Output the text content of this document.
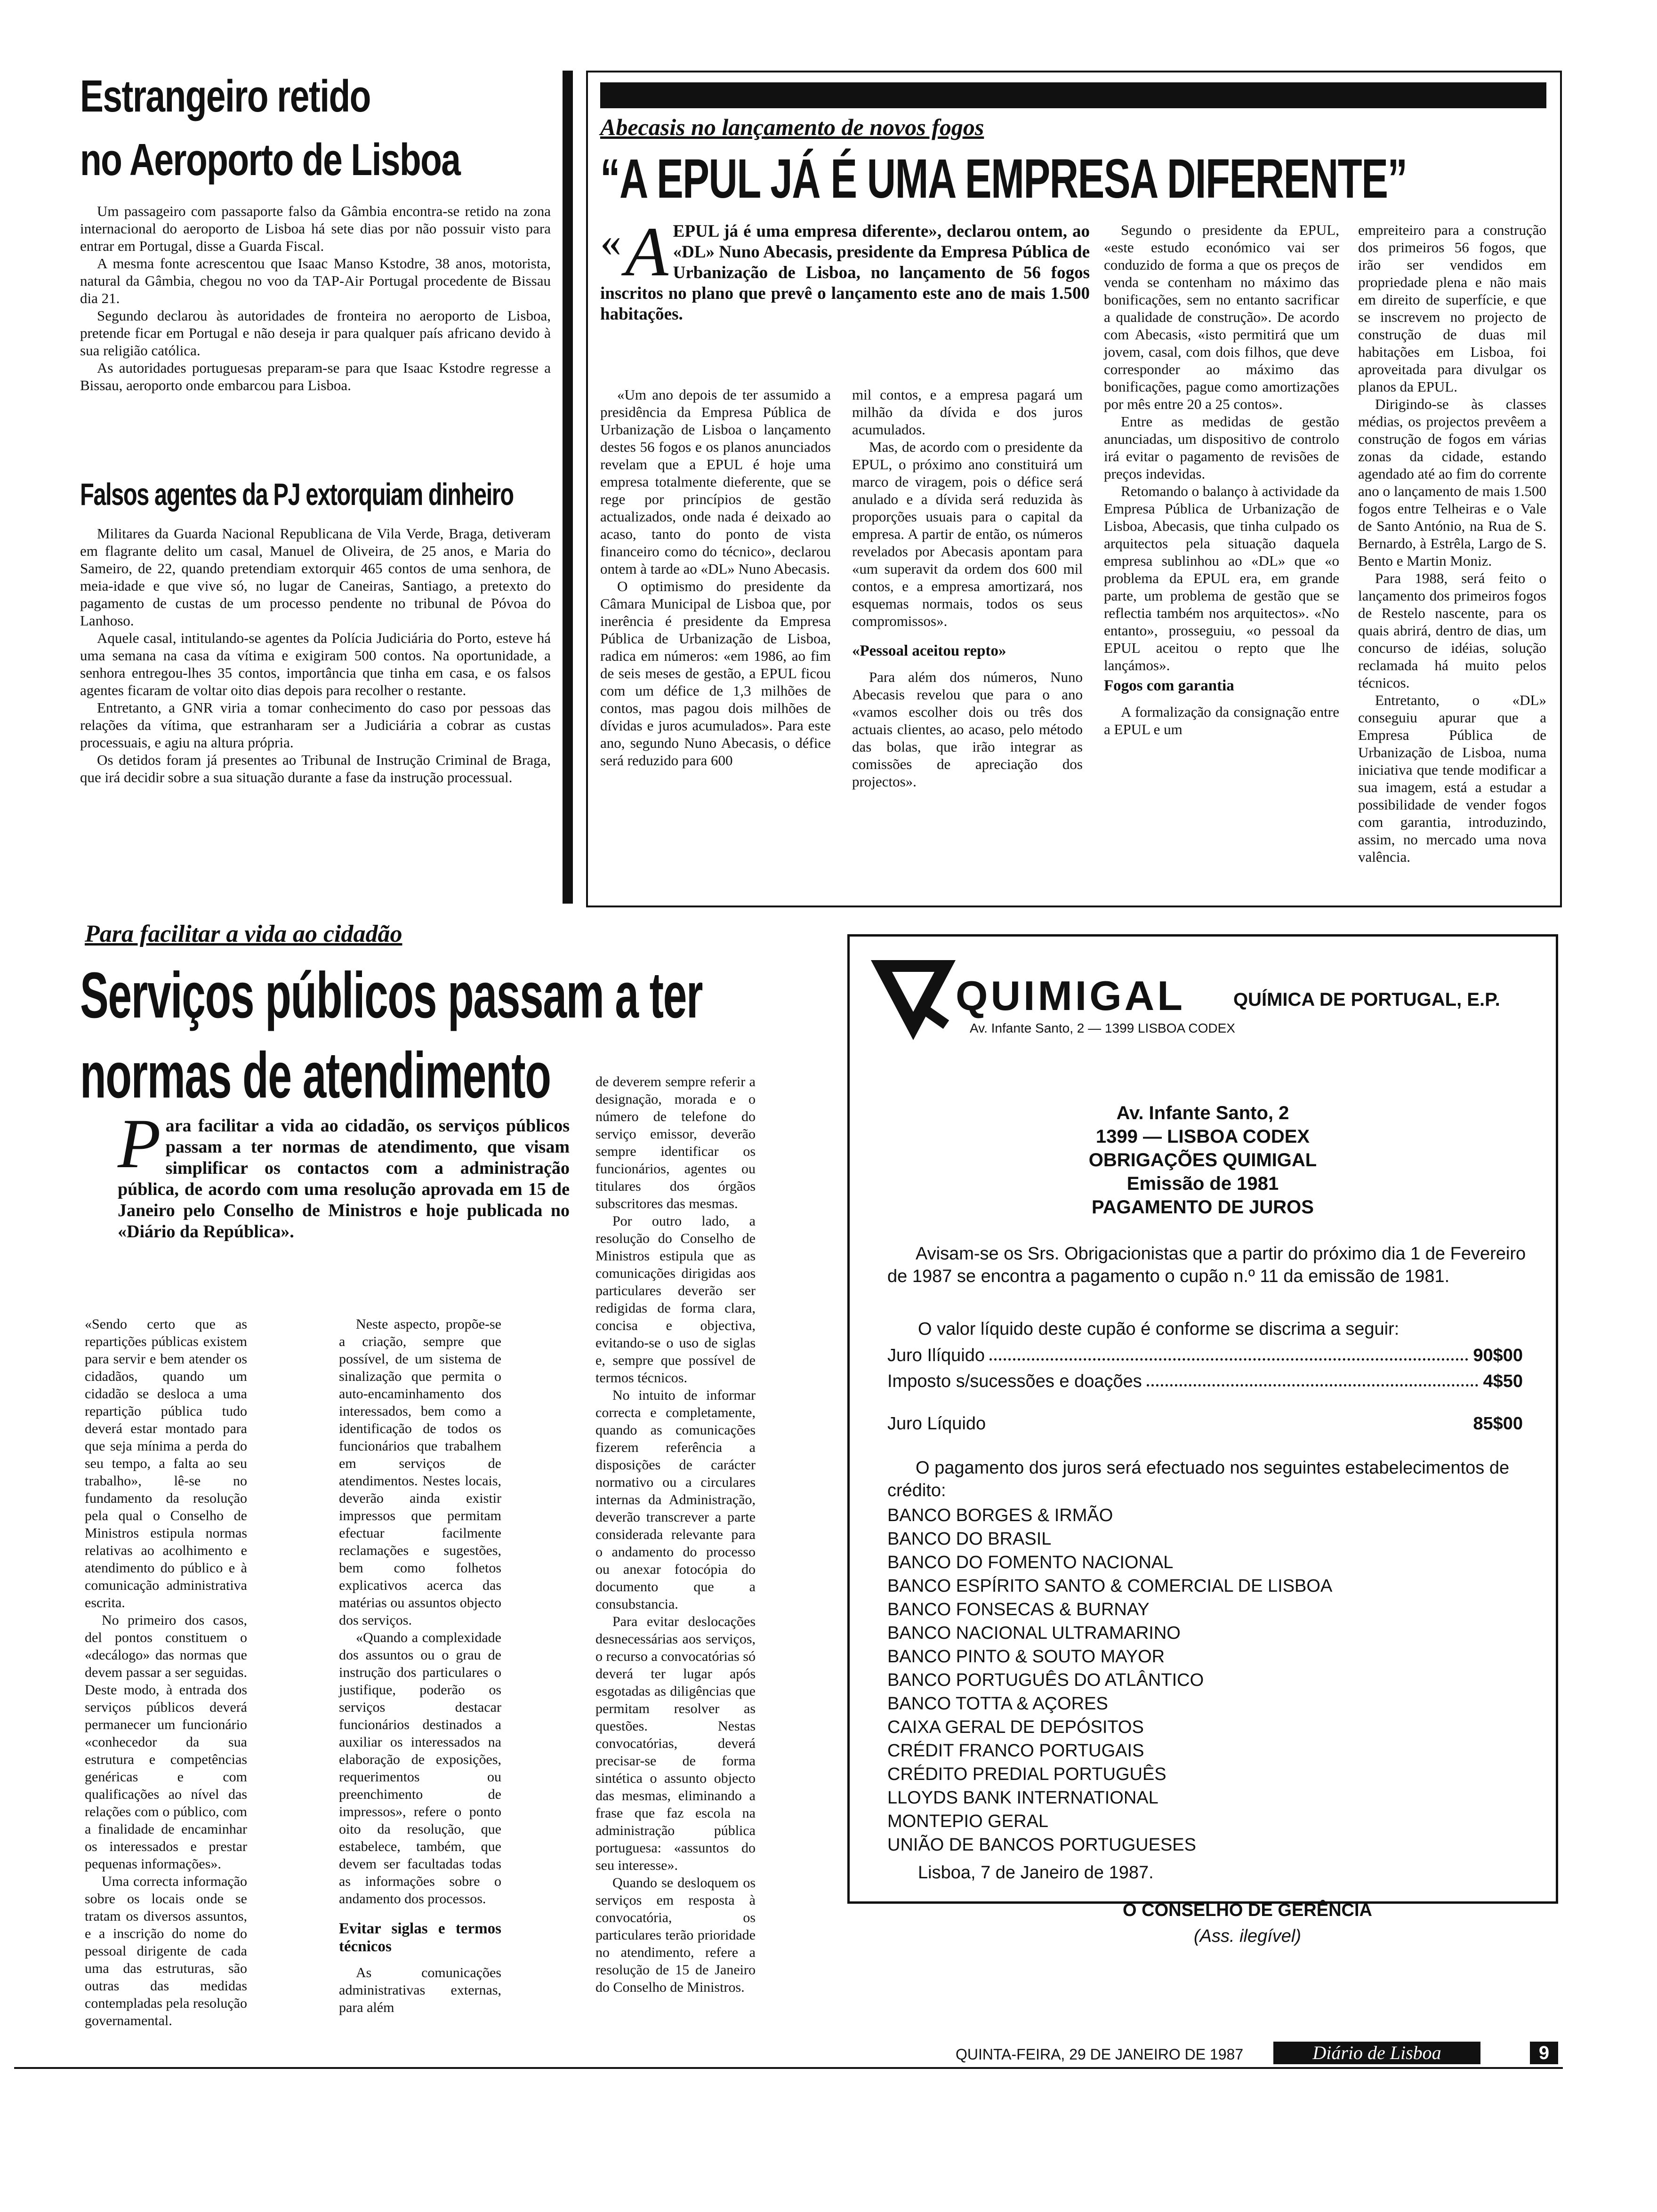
Estrangeiro retido
no Aeroporto de Lisboa

Um passageiro com passaporte falso da Gâmbia encontra-se retido na zona internacional do aeroporto de Lisboa há sete dias por não possuir visto para entrar em Portugal, disse a Guarda Fiscal.

A mesma fonte acrescentou que Isaac Manso Kstodre, 38 anos, motorista, natural da Gâmbia, chegou no voo da TAP-Air Portugal procedente de Bissau dia 21.

Segundo declarou às autoridades de fronteira no aeroporto de Lisboa, pretende ficar em Portugal e não deseja ir para qualquer país africano devido à sua religião católica.

As autoridades portuguesas preparam-se para que Isaac Kstodre regresse a Bissau, aeroporto onde embarcou para Lisboa.

Falsos agentes da PJ extorquiam dinheiro

Militares da Guarda Nacional Republicana de Vila Verde, Braga, detiveram em flagrante delito um casal, Manuel de Oliveira, de 25 anos, e Maria do Sameiro, de 22, quando pretendiam extorquir 465 contos de uma senhora, de meia-idade e que vive só, no lugar de Caneiras, Santiago, a pretexto do pagamento de custas de um processo pendente no tribunal de Póvoa do Lanhoso.

Aquele casal, intitulando-se agentes da Polícia Judiciária do Porto, esteve há uma semana na casa da vítima e exigiram 500 contos. Na oportunidade, a senhora entregou-lhes 35 contos, importância que tinha em casa, e os falsos agentes ficaram de voltar oito dias depois para recolher o restante.

Entretanto, a GNR viria a tomar conhecimento do caso por pessoas das relações da vítima, que estranharam ser a Judiciária a cobrar as custas processuais, e agiu na altura própria.

Os detidos foram já presentes ao Tribunal de Instrução Criminal de Braga, que irá decidir sobre a sua situação durante a fase da instrução processual.

Abecasis no lançamento de novos fogos
“A EPUL JÁ É UMA EMPRESA DIFERENTE”
« A EPUL já é uma empresa diferente», declarou ontem, ao «DL» Nuno Abecasis, presidente da Empresa Pública de Urbanização de Lisboa, no lançamento de 56 fogos inscritos no plano que prevê o lançamento este ano de mais 1.500 habitações.

«Um ano depois de ter assumido a presidência da Empresa Pública de Urbanização de Lisboa o lançamento destes 56 fogos e os planos anunciados revelam que a EPUL é hoje uma empresa totalmente dieferente, que se rege por princípios de gestão actualizados, onde nada é deixado ao acaso, tanto do ponto de vista financeiro como do técnico», declarou ontem à tarde ao «DL» Nuno Abecasis.

O optimismo do presidente da Câmara Municipal de Lisboa que, por inerência é presidente da Empresa Pública de Urbanização de Lisboa, radica em números: «em 1986, ao fim de seis meses de gestão, a EPUL ficou com um défice de 1,3 milhões de contos, mas pagou dois milhões de dívidas e juros acumulados». Para este ano, segundo Nuno Abecasis, o défice será reduzido para 600

mil contos, e a empresa pagará um milhão da dívida e dos juros acumulados.

Mas, de acordo com o presidente da EPUL, o próximo ano constituirá um marco de viragem, pois o défice será anulado e a dívida será reduzida às proporções usuais para o capital da empresa. A partir de então, os números revelados por Abecasis apontam para «um superavit da ordem dos 600 mil contos, e a empresa amortizará, nos esquemas normais, todos os seus compromissos».

«Pessoal aceitou repto»

Para além dos números, Nuno Abecasis revelou que para o ano «vamos escolher dois ou três dos actuais clientes, ao acaso, pelo método das bolas, que irão integrar as comissões de apreciação dos projectos».

Segundo o presidente da EPUL, «este estudo económico vai ser conduzido de forma a que os preços de venda se contenham no máximo das bonificações, sem no entanto sacrificar a qualidade de construção». De acordo com Abecasis, «isto permitirá que um jovem, casal, com dois filhos, que deve corresponder ao máximo das bonificações, pague como amortizações por mês entre 20 a 25 contos».

Entre as medidas de gestão anunciadas, um dispositivo de controlo irá evitar o pagamento de revisões de preços indevidas.

Retomando o balanço à actividade da Empresa Pública de Urbanização de Lisboa, Abecasis, que tinha culpado os arquitectos pela situação daquela empresa sublinhou ao «DL» que «o problema da EPUL era, em grande parte, um problema de gestão que se reflectia também nos arquitectos». «No entanto», prosseguiu, «o pessoal da EPUL aceitou o repto que lhe lançámos».

Fogos com garantia

A formalização da consignação entre a EPUL e um

empreiteiro para a construção dos primeiros 56 fogos, que irão ser vendidos em propriedade plena e não mais em direito de superfície, e que se inscrevem no projecto de construção de duas mil habitações em Lisboa, foi aproveitada para divulgar os planos da EPUL.

Dirigindo-se às classes médias, os projectos prevêem a construção de fogos em várias zonas da cidade, estando agendado até ao fim do corrente ano o lançamento de mais 1.500 fogos entre Telheiras e o Vale de Santo António, na Rua de S. Bernardo, à Estrêla, Largo de S. Bento e Martin Moniz.

Para 1988, será feito o lançamento dos primeiros fogos de Restelo nascente, para os quais abrirá, dentro de dias, um concurso de idéias, solução reclamada há muito pelos técnicos.

Entretanto, o «DL» conseguiu apurar que a Empresa Pública de Urbanização de Lisboa, numa iniciativa que tende modificar a sua imagem, está a estudar a possibilidade de vender fogos com garantia, introduzindo, assim, no mercado uma nova valência.

Para facilitar a vida ao cidadão
Serviços públicos passam a ter
normas de atendimento
P ara facilitar a vida ao cidadão, os serviços públicos passam a ter normas de atendimento, que visam simplificar os contactos com a administração pública, de acordo com uma resolução aprovada em 15 de Janeiro pelo Conselho de Ministros e hoje publicada no «Diário da República».

«Sendo certo que as repartições públicas existem para servir e bem atender os cidadãos, quando um cidadão se desloca a uma repartição pública tudo deverá estar montado para que seja mínima a perda do seu tempo, a falta ao seu trabalho», lê-se no fundamento da resolução pela qual o Conselho de Ministros estipula normas relativas ao acolhimento e atendimento do público e à comunicação administrativa escrita.

No primeiro dos casos, del pontos constituem o «decálogo» das normas que devem passar a ser seguidas. Deste modo, à entrada dos serviços públicos deverá permanecer um funcionário «conhecedor da sua estrutura e competências genéricas e com qualificações ao nível das relações com o público, com a finalidade de encaminhar os interessados e prestar pequenas informações».

Uma correcta informação sobre os locais onde se tratam os diversos assuntos, e a inscrição do nome do pessoal dirigente de cada uma das estruturas, são outras das medidas contempladas pela resolução governamental.

Neste aspecto, propõe-se a criação, sempre que possível, de um sistema de sinalização que permita o auto-encaminhamento dos interessados, bem como a identificação de todos os funcionários que trabalhem em serviços de atendimentos. Nestes locais, deverão ainda existir impressos que permitam efectuar facilmente reclamações e sugestões, bem como folhetos explicativos acerca das matérias ou assuntos objecto dos serviços.

«Quando a complexidade dos assuntos ou o grau de instrução dos particulares o justifique, poderão os serviços destacar funcionários destinados a auxiliar os interessados na elaboração de exposições, requerimentos ou preenchimento de impressos», refere o ponto oito da resolução, que estabelece, também, que devem ser facultadas todas as informações sobre o andamento dos processos.

Evitar siglas e termos técnicos

As comunicações administrativas externas, para além

de deverem sempre referir a designação, morada e o número de telefone do serviço emissor, deverão sempre identificar os funcionários, agentes ou titulares dos órgãos subscritores das mesmas.

Por outro lado, a resolução do Conselho de Ministros estipula que as comunicações dirigidas aos particulares deverão ser redigidas de forma clara, concisa e objectiva, evitando-se o uso de siglas e, sempre que possível de termos técnicos.

No intuito de informar correcta e completamente, quando as comunicações fizerem referência a disposições de carácter normativo ou a circulares internas da Administração, deverão transcrever a parte considerada relevante para o andamento do processo ou anexar fotocópia do documento que a consubstancia.

Para evitar deslocações desnecessárias aos serviços, o recurso a convocatórias só deverá ter lugar após esgotadas as diligências que permitam resolver as questões. Nestas convocatórias, deverá precisar-se de forma sintética o assunto objecto das mesmas, eliminando a frase que faz escola na administração pública portuguesa: «assuntos do seu interesse».

Quando se desloquem os serviços em resposta à convocatória, os particulares terão prioridade no atendimento, refere a resolução de 15 de Janeiro do Conselho de Ministros.

QUIMIGAL	QUÍMICA DE PORTUGAL, E.P.
Av. Infante Santo, 2 — 1399 LISBOA CODEX
Av. Infante Santo, 2
1399 — LISBOA CODEX
OBRIGAÇÕES QUIMIGAL
Emissão de 1981
PAGAMENTO DE JUROS
Avisam-se os Srs. Obrigacionistas que a partir do próximo dia 1 de Fevereiro de 1987 se encontra a pagamento o cupão n.º 11 da emissão de 1981.
O valor líquido deste cupão é conforme se discrima a seguir:
Juro Ilíquido	90$00
Imposto s/sucessões e doações	4$50
Juro Líquido	85$00
O pagamento dos juros será efectuado nos seguintes estabelecimentos de crédito:
BANCO BORGES & IRMÃO
BANCO DO BRASIL
BANCO DO FOMENTO NACIONAL
BANCO ESPÍRITO SANTO & COMERCIAL DE LISBOA
BANCO FONSECAS & BURNAY
BANCO NACIONAL ULTRAMARINO
BANCO PINTO & SOUTO MAYOR
BANCO PORTUGUÊS DO ATLÂNTICO
BANCO TOTTA & AÇORES
CAIXA GERAL DE DEPÓSITOS
CRÉDIT FRANCO PORTUGAIS
CRÉDITO PREDIAL PORTUGUÊS
LLOYDS BANK INTERNATIONAL
MONTEPIO GERAL
UNIÃO DE BANCOS PORTUGUESES
Lisboa, 7 de Janeiro de 1987.
O CONSELHO DE GERÊNCIA
(Ass. ilegível)
QUINTA-FEIRA, 29 DE JANEIRO DE 1987	Diário de Lisboa	9
